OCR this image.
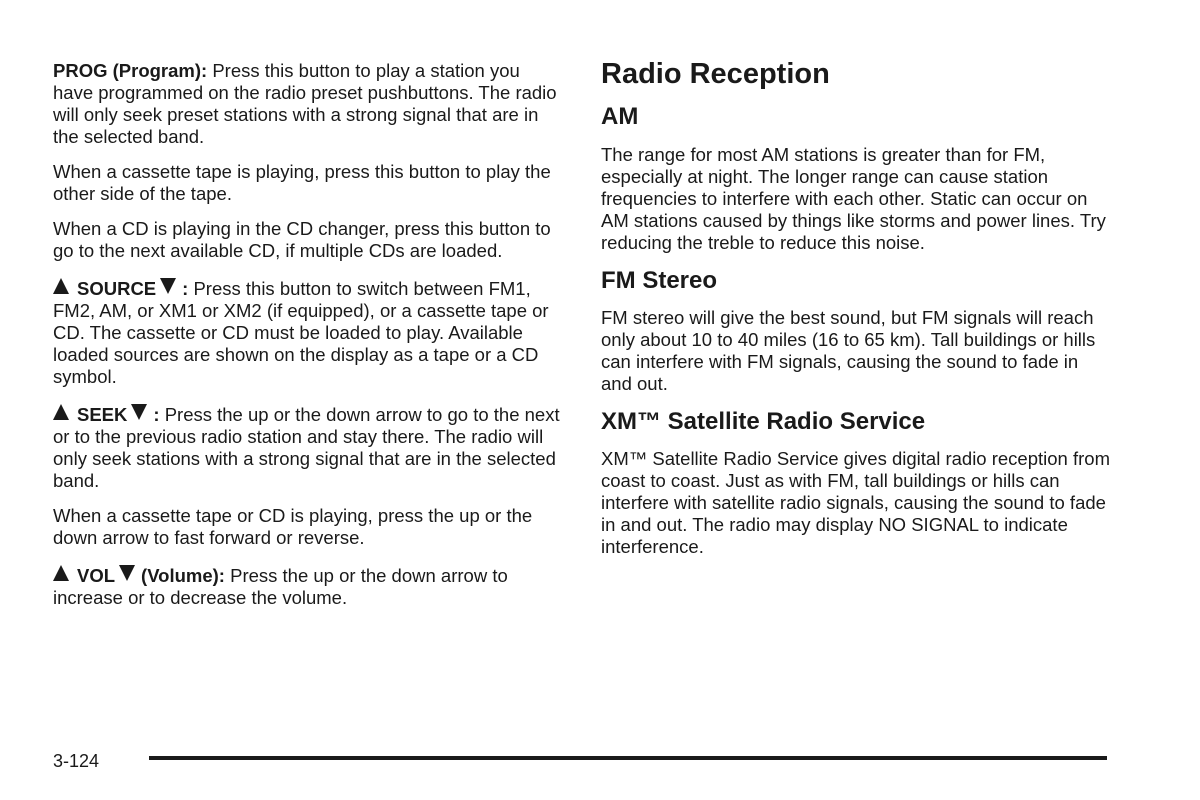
PROG (Program): Press this button to play a station you have programmed on the radio preset pushbuttons. The radio will only seek preset stations with a strong signal that are in the selected band.

When a cassette tape is playing, press this button to play the other side of the tape.

When a CD is playing in the CD changer, press this button to go to the next available CD, if multiple CDs are loaded.

SOURCE : Press this button to switch between FM1, FM2, AM, or XM1 or XM2 (if equipped), or a cassette tape or CD. The cassette or CD must be loaded to play. Available loaded sources are shown on the display as a tape or a CD symbol.

SEEK : Press the up or the down arrow to go to the next or to the previous radio station and stay there. The radio will only seek stations with a strong signal that are in the selected band.

When a cassette tape or CD is playing, press the up or the down arrow to fast forward or reverse.

VOL (Volume): Press the up or the down arrow to increase or to decrease the volume.

Radio Reception
AM

The range for most AM stations is greater than for FM, especially at night. The longer range can cause station frequencies to interfere with each other. Static can occur on AM stations caused by things like storms and power lines. Try reducing the treble to reduce this noise.

FM Stereo

FM stereo will give the best sound, but FM signals will reach only about 10 to 40 miles (16 to 65 km). Tall buildings or hills can interfere with FM signals, causing the sound to fade in and out.

XM™ Satellite Radio Service

XM™ Satellite Radio Service gives digital radio reception from coast to coast. Just as with FM, tall buildings or hills can interfere with satellite radio signals, causing the sound to fade in and out. The radio may display NO SIGNAL to indicate interference.

3-124
